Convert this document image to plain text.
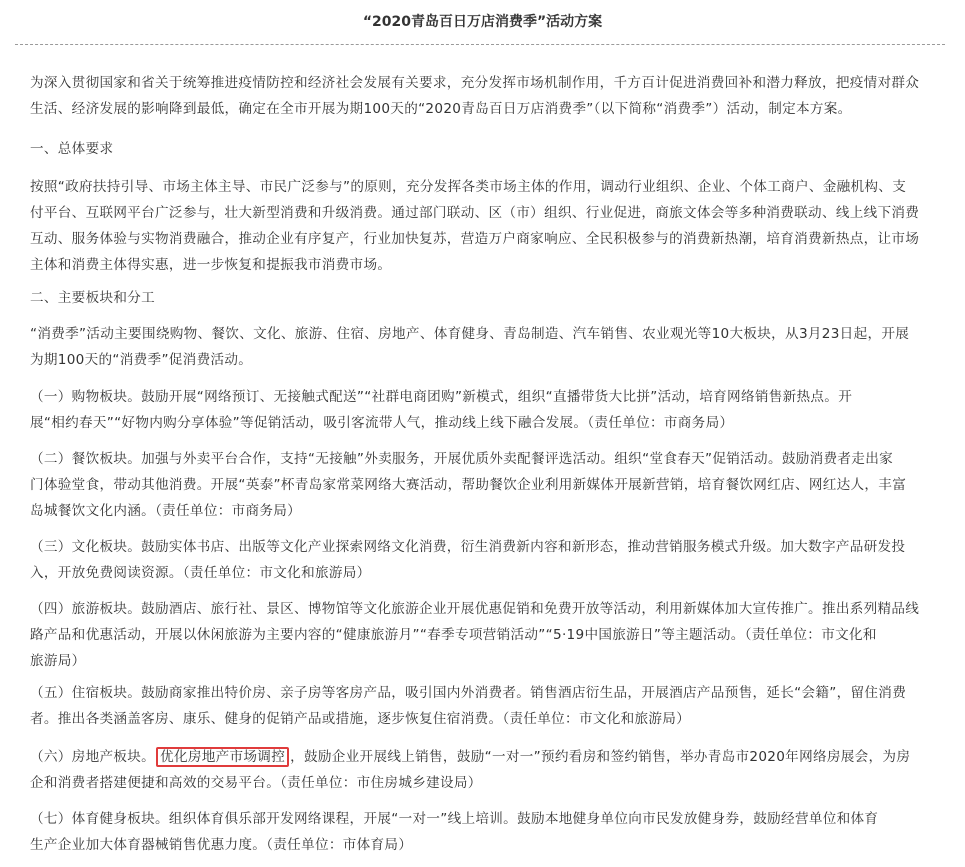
“2020青岛百日万店消费季”活动方案

为深入贯彻国家和省关于统筹推进疫情防控和经济社会发展有关要求，充分发挥市场机制作用，千方百计促进消费回补和潜力释放，把疫情对群众
生活、经济发展的影响降到最低，确定在全市开展为期100天的“2020青岛百日万店消费季”（以下简称“消费季”）活动，制定本方案。

一、总体要求

按照“政府扶持引导、市场主体主导、市民广泛参与”的原则，充分发挥各类市场主体的作用，调动行业组织、企业、个体工商户、金融机构、支
付平台、互联网平台广泛参与，壮大新型消费和升级消费。通过部门联动、区（市）组织、行业促进，商旅文体会等多种消费联动、线上线下消费
互动、服务体验与实物消费融合，推动企业有序复产，行业加快复苏，营造万户商家响应、全民积极参与的消费新热潮，培育消费新热点，让市场
主体和消费主体得实惠，进一步恢复和提振我市消费市场。

二、主要板块和分工

“消费季”活动主要围绕购物、餐饮、文化、旅游、住宿、房地产、体育健身、青岛制造、汽车销售、农业观光等10大板块，从3月23日起，开展
为期100天的“消费季”促消费活动。

（一）购物板块。鼓励开展“网络预订、无接触式配送”“社群电商团购”新模式，组织“直播带货大比拼”活动，培育网络销售新热点。开
展“相约春天”“好物内购分享体验”等促销活动，吸引客流带人气，推动线上线下融合发展。（责任单位：市商务局）

（二）餐饮板块。加强与外卖平台合作，支持“无接触”外卖服务，开展优质外卖配餐评选活动。组织“堂食春天”促销活动。鼓励消费者走出家
门体验堂食，带动其他消费。开展“英泰”杯青岛家常菜网络大赛活动，帮助餐饮企业利用新媒体开展新营销，培育餐饮网红店、网红达人，丰富
岛城餐饮文化内涵。（责任单位：市商务局）

（三）文化板块。鼓励实体书店、出版等文化产业探索网络文化消费，衍生消费新内容和新形态，推动营销服务模式升级。加大数字产品研发投
入，开放免费阅读资源。（责任单位：市文化和旅游局）

（四）旅游板块。鼓励酒店、旅行社、景区、博物馆等文化旅游企业开展优惠促销和免费开放等活动，利用新媒体加大宣传推广。推出系列精品线
路产品和优惠活动，开展以休闲旅游为主要内容的“健康旅游月”“春季专项营销活动”“5·19中国旅游日”等主题活动。（责任单位：市文化和
旅游局）

（五）住宿板块。鼓励商家推出特价房、亲子房等客房产品，吸引国内外消费者。销售酒店衍生品，开展酒店产品预售，延长“会籍”，留住消费
者。推出各类涵盖客房、康乐、健身的促销产品或措施，逐步恢复住宿消费。（责任单位：市文化和旅游局）

（六）房地产板块。 优化房地产市场调控 ，鼓励企业开展线上销售，鼓励“一对一”预约看房和签约销售，举办青岛市2020年网络房展会，为房
企和消费者搭建便捷和高效的交易平台。（责任单位：市住房城乡建设局）

（七）体育健身板块。组织体育俱乐部开发网络课程，开展“一对一”线上培训。鼓励本地健身单位向市民发放健身券，鼓励经营单位和体育
生产企业加大体育器械销售优惠力度。（责任单位：市体育局）
